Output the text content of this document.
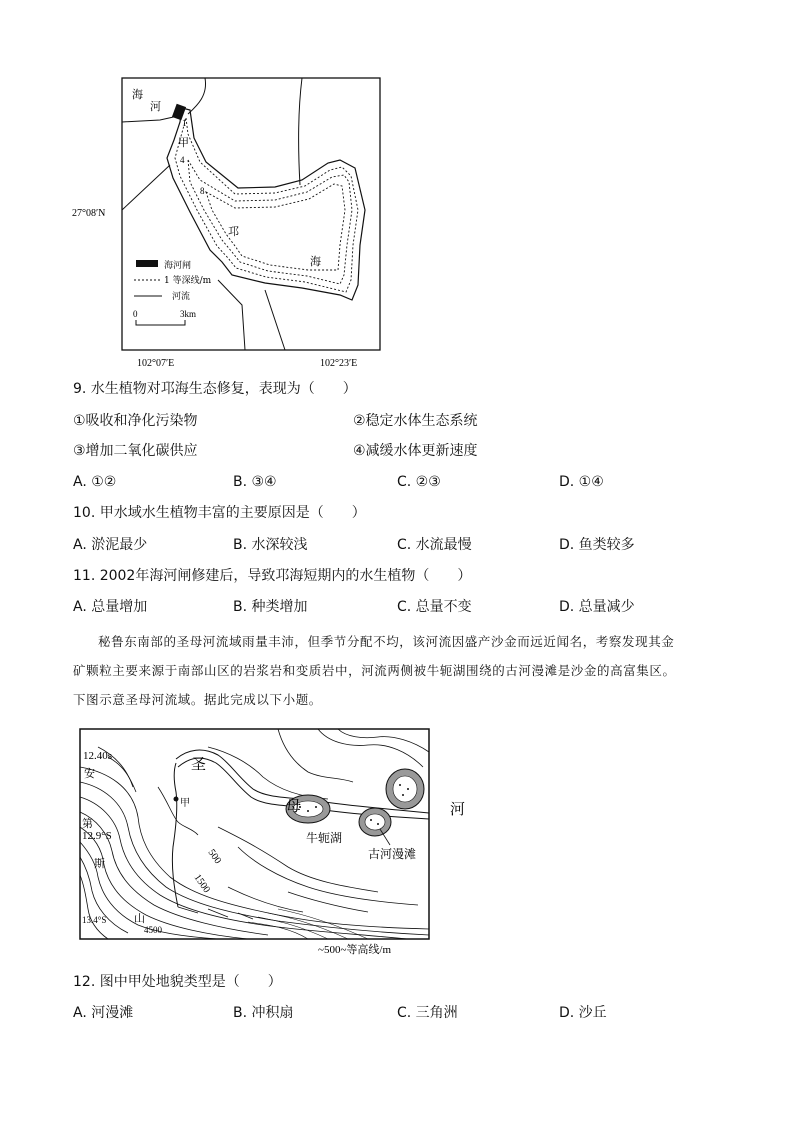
海
河
1
甲
4
8
邛
海
27°08′N
102°07′E	102°23′E
海河闸
1 等深线/m
河流
0	3km
9. 水生植物对邛海生态修复，表现为（　　）
①吸收和净化污染物	②稳定水体生态系统
③增加二氧化碳供应	④减缓水体更新速度
A. ①②	B. ③④	C. ②③	D. ①④
10. 甲水域水生植物丰富的主要原因是（　　）
A. 淤泥最少	B. 水深较浅	C. 水流最慢	D. 鱼类较多
11. 2002年海河闸修建后，导致邛海短期内的水生植物（　　）
A. 总量增加	B. 种类增加	C. 总量不变	D. 总量减少

秘鲁东南部的圣母河流域雨量丰沛，但季节分配不均，该河流因盛产沙金而远近闻名，考察发现其金

矿颗粒主要来源于南部山区的岩浆岩和变质岩中，河流两侧被牛轭湖围绕的古河漫滩是沙金的高富集区。

下图示意圣母河流域。据此完成以下小题。

12.40s
安
甲
第
12.9°S
斯
山
13.4°S
4500
500
1500
圣
母	河
牛轭湖
古河漫滩
~500~等高线/m
12. 图中甲处地貌类型是（　　）
A. 河漫滩	B. 冲积扇	C. 三角洲	D. 沙丘
